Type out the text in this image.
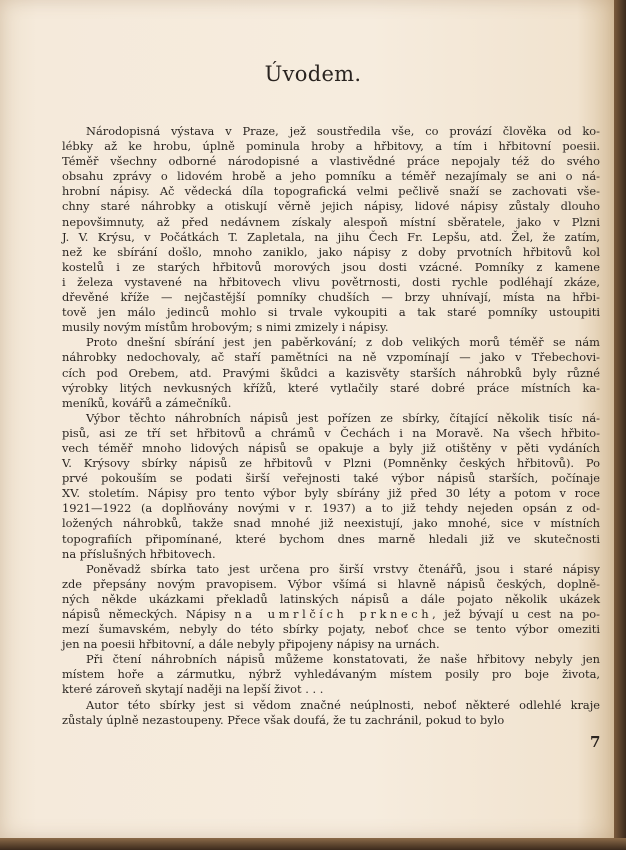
Úvodem.
Národopisná výstava v Praze, jež soustředila vše, co provází člověka od ko-
lébky až ke hrobu, úplně pominula hroby a hřbitovy, a tím i hřbitovní poesii.
Téměř všechny odborné národopisné a vlastivědné práce nepojaly též do svého
obsahu zprávy o lidovém hrobě a jeho pomníku a téměř nezajímaly se ani o ná-
hrobní nápisy. Ač vědecká díla topografická velmi pečlivě snaží se zachovati vše-
chny staré náhrobky a otiskují věrně jejich nápisy, lidové nápisy zůstaly dlouho
nepovšimnuty, až před nedávnem získaly alespoň místní sběratele, jako v Plzni
J. V. Krýsu, v Počátkách T. Zapletala, na jihu Čech Fr. Lepšu, atd. Žel, že zatím,
než ke sbírání došlo, mnoho zaniklo, jako nápisy z doby prvotních hřbitovů kol
kostelů i ze starých hřbitovů morových jsou dosti vzácné. Pomníky z kamene
i železa vystavené na hřbitovech vlivu povětrnosti, dosti rychle podléhají zkáze,
dřevěné kříže — nejčastější pomníky chudších — brzy uhnívají, místa na hřbi-
tově jen málo jedinců mohlo si trvale vykoupiti a tak staré pomníky ustoupiti
musily novým místům hrobovým; s nimi zmizely i nápisy.
Proto dnešní sbírání jest jen paběrkování; z dob velikých morů téměř se nám
náhrobky nedochovaly, ač staří pamětníci na ně vzpomínají — jako v Třebechovi-
cích pod Orebem, atd. Pravými škůdci a kazisvěty starších náhrobků byly různé
výrobky litých nevkusných křížů, které vytlačily staré dobré práce místních ka-
meníků, kovářů a zámečníků.
Výbor těchto náhrobních nápisů jest pořízen ze sbírky, čítající několik tisíc ná-
pisů, asi ze tří set hřbitovů a chrámů v Čechách i na Moravě. Na všech hřbito-
vech téměř mnoho lidových nápisů se opakuje a byly již otištěny v pěti vydáních
V. Krýsovy sbírky nápisů ze hřbitovů v Plzni (Pomněnky českých hřbitovů). Po
prvé pokouším se podati širší veřejnosti také výbor nápisů starších, počínaje
XV. stoletím. Nápisy pro tento výbor byly sbírány již před 30 léty a potom v roce
1921—1922 (a doplňovány novými v r. 1937) a to již tehdy nejeden opsán z od-
ložených náhrobků, takže snad mnohé již neexistují, jako mnohé, sice v místních
topografiích připomínané, které bychom dnes marně hledali již ve skutečnosti
na příslušných hřbitovech.
Poněvadž sbírka tato jest určena pro širší vrstvy čtenářů, jsou i staré nápisy
zde přepsány novým pravopisem. Výbor všímá si hlavně nápisů českých, doplně-
ných někde ukázkami překladů latinských nápisů a dále pojato několik ukázek
nápisů německých. Nápisy na umrlčích prknech, jež bývají u cest na po-
mezí šumavském, nebyly do této sbírky pojaty, neboť chce se tento výbor omeziti
jen na poesii hřbitovní, a dále nebyly připojeny nápisy na urnách.
Při čtení náhrobních nápisů můžeme konstatovati, že naše hřbitovy nebyly jen
místem hoře a zármutku, nýbrž vyhledávaným místem posily pro boje života,
které zároveň skytají naději na lepší život . . .
Autor této sbírky jest si vědom značné neúplnosti, neboť některé odlehlé kraje
zůstaly úplně nezastoupeny. Přece však doufá, že tu zachránil, pokud to bylo
7
